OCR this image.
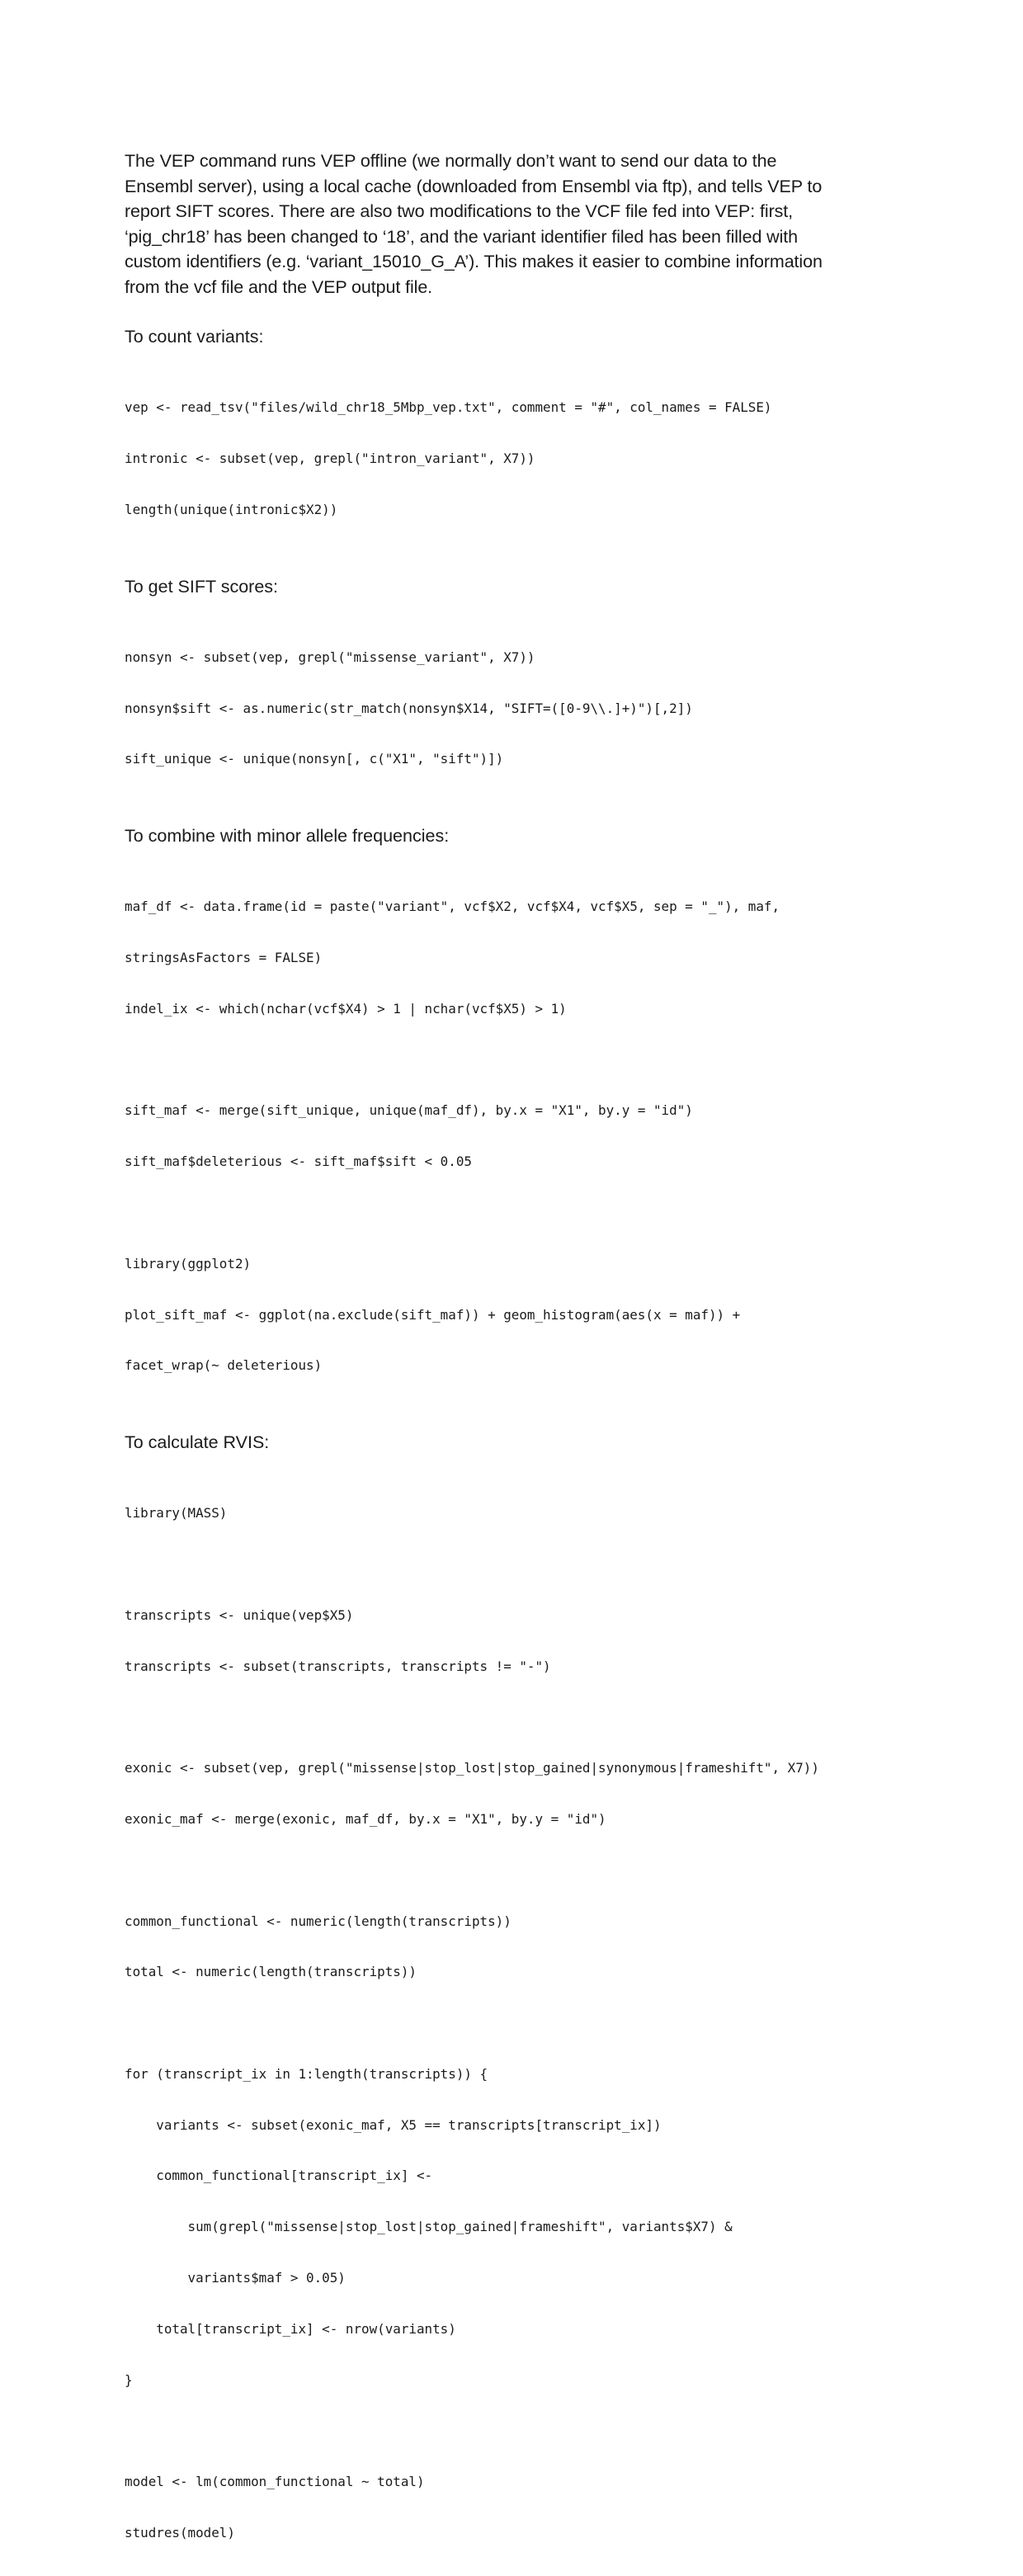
The VEP command runs VEP offline (we normally don’t want to send our data to the
Ensembl server), using a local cache (downloaded from Ensembl via ftp), and tells VEP to
report SIFT scores. There are also two modifications to the VCF file fed into VEP: first,
‘pig_chr18’ has been changed to ‘18’, and the variant identifier filed has been filled with
custom identifiers (e.g. ‘variant_15010_G_A’). This makes it easier to combine information
from the vcf file and the VEP output file.

To count variants:

vep <- read_tsv("files/wild_chr18_5Mbp_vep.txt", comment = "#", col_names = FALSE)

intronic <- subset(vep, grepl("intron_variant", X7))

length(unique(intronic$X2))

To get SIFT scores:

nonsyn <- subset(vep, grepl("missense_variant", X7))

nonsyn$sift <- as.numeric(str_match(nonsyn$X14, "SIFT=([0-9\\.]+)")[,2])

sift_unique <- unique(nonsyn[, c("X1", "sift")])

To combine with minor allele frequencies:

maf_df <- data.frame(id = paste("variant", vcf$X2, vcf$X4, vcf$X5, sep = "_"), maf,

stringsAsFactors = FALSE)

indel_ix <- which(nchar(vcf$X4) > 1 | nchar(vcf$X5) > 1)

sift_maf <- merge(sift_unique, unique(maf_df), by.x = "X1", by.y = "id")

sift_maf$deleterious <- sift_maf$sift < 0.05

library(ggplot2)

plot_sift_maf <- ggplot(na.exclude(sift_maf)) + geom_histogram(aes(x = maf)) +

facet_wrap(~ deleterious)

To calculate RVIS:

library(MASS)

transcripts <- unique(vep$X5)

transcripts <- subset(transcripts, transcripts != "-")

exonic <- subset(vep, grepl("missense|stop_lost|stop_gained|synonymous|frameshift", X7))

exonic_maf <- merge(exonic, maf_df, by.x = "X1", by.y = "id")

common_functional <- numeric(length(transcripts))

total <- numeric(length(transcripts))

for (transcript_ix in 1:length(transcripts)) {

variants <- subset(exonic_maf, X5 == transcripts[transcript_ix])

common_functional[transcript_ix] <-

sum(grepl("missense|stop_lost|stop_gained|frameshift", variants$X7) &

variants$maf > 0.05)

total[transcript_ix] <- nrow(variants)

}

model <- lm(common_functional ~ total)

studres(model)
